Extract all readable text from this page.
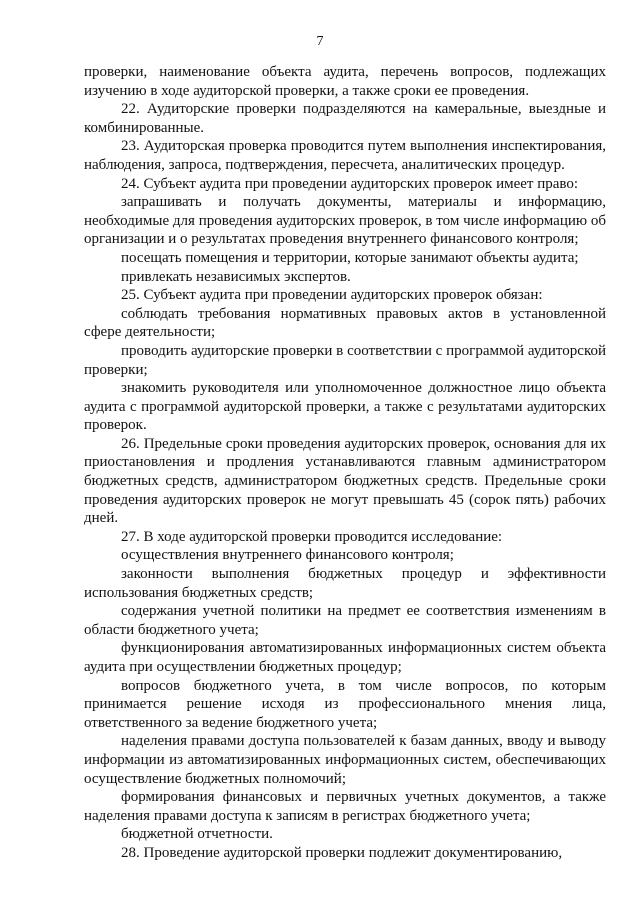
7

проверки, наименование объекта аудита, перечень вопросов, подлежащих изучению в ходе аудиторской проверки, а также сроки ее проведения.

22. Аудиторские проверки подразделяются на камеральные, выездные и комбинированные.

23. Аудиторская проверка проводится путем выполнения инспектирования, наблюдения, запроса, подтверждения, пересчета, аналитических процедур.

24. Субъект аудита при проведении аудиторских проверок имеет право:

запрашивать и получать документы, материалы и информацию, необходимые для проведения аудиторских проверок, в том числе информацию об организации и о результатах проведения внутреннего финансового контроля;

посещать помещения и территории, которые занимают объекты аудита;

привлекать независимых экспертов.

25. Субъект аудита при проведении аудиторских проверок обязан:

соблюдать требования нормативных правовых актов в установленной сфере деятельности;

проводить аудиторские проверки в соответствии с программой аудиторской проверки;

знакомить руководителя или уполномоченное должностное лицо объекта аудита с программой аудиторской проверки, а также с результатами аудиторских проверок.

26. Предельные сроки проведения аудиторских проверок, основания для их приостановления и продления устанавливаются главным администратором бюджетных средств, администратором бюджетных средств. Предельные сроки проведения аудиторских проверок не могут превышать 45 (сорок пять) рабочих дней.

27. В ходе аудиторской проверки проводится исследование:

осуществления внутреннего финансового контроля;

законности выполнения бюджетных процедур и эффективности использования бюджетных средств;

содержания учетной политики на предмет ее соответствия изменениям в области бюджетного учета;

функционирования автоматизированных информационных систем объекта аудита при осуществлении бюджетных процедур;

вопросов бюджетного учета, в том числе вопросов, по которым принимается решение исходя из профессионального мнения лица, ответственного за ведение бюджетного учета;

наделения правами доступа пользователей к базам данных, вводу и выводу информации из автоматизированных информационных систем, обеспечивающих осуществление бюджетных полномочий;

формирования финансовых и первичных учетных документов, а также наделения правами доступа к записям в регистрах бюджетного учета;

бюджетной отчетности.

28. Проведение аудиторской проверки подлежит документированию,
